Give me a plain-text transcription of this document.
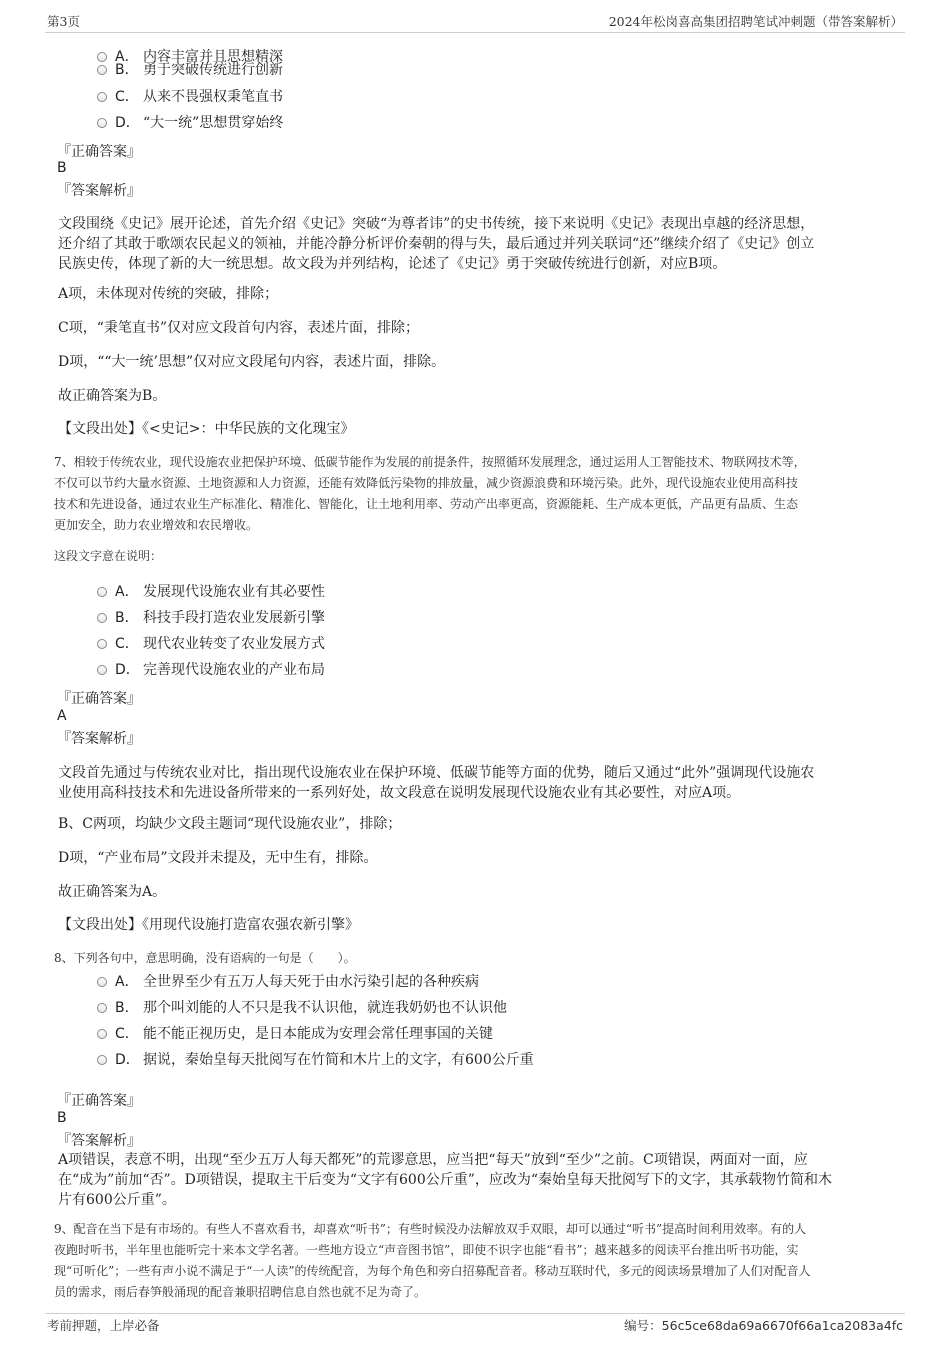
第3页	2024年松岗喜高集团招聘笔试冲刺题（带答案解析）
A． 内容丰富并且思想精深
B． 勇于突破传统进行创新
C． 从来不畏强权秉笔直书
D． “大一统”思想贯穿始终
『正确答案』
B
『答案解析』
文段围绕《史记》展开论述，首先介绍《史记》突破“为尊者讳”的史书传统，接下来说明《史记》表现出卓越的经济思想，
还介绍了其敢于歌颂农民起义的领袖，并能冷静分析评价秦朝的得与失，最后通过并列关联词“还”继续介绍了《史记》创立
民族史传，体现了新的大一统思想。故文段为并列结构，论述了《史记》勇于突破传统进行创新，对应B项。
A项，未体现对传统的突破，排除；
C项，“秉笔直书”仅对应文段首句内容，表述片面，排除；
D项，““大一统’思想”仅对应文段尾句内容，表述片面，排除。
故正确答案为B。
【文段出处】《<史记>：中华民族的文化瑰宝》
7、相较于传统农业，现代设施农业把保护环境、低碳节能作为发展的前提条件，按照循环发展理念，通过运用人工智能技术、物联网技术等，
不仅可以节约大量水资源、土地资源和人力资源，还能有效降低污染物的排放量，减少资源浪费和环境污染。此外，现代设施农业使用高科技
技术和先进设备，通过农业生产标准化、精准化、智能化，让土地利用率、劳动产出率更高，资源能耗、生产成本更低，产品更有品质、生态
更加安全，助力农业增效和农民增收。
这段文字意在说明：
A． 发展现代设施农业有其必要性
B． 科技手段打造农业发展新引擎
C． 现代农业转变了农业发展方式
D． 完善现代设施农业的产业布局
『正确答案』
A
『答案解析』
文段首先通过与传统农业对比，指出现代设施农业在保护环境、低碳节能等方面的优势，随后又通过“此外”强调现代设施农
业使用高科技技术和先进设备所带来的一系列好处，故文段意在说明发展现代设施农业有其必要性，对应A项。
B、C两项，均缺少文段主题词“现代设施农业”，排除；
D项，“产业布局”文段并未提及，无中生有，排除。
故正确答案为A。
【文段出处】《用现代设施打造富农强农新引擎》
8、下列各句中，意思明确，没有语病的一句是（　　）。
A． 全世界至少有五万人每天死于由水污染引起的各种疾病
B． 那个叫刘能的人不只是我不认识他，就连我奶奶也不认识他
C． 能不能正视历史，是日本能成为安理会常任理事国的关键
D． 据说，秦始皇每天批阅写在竹简和木片上的文字，有600公斤重
『正确答案』
B
『答案解析』
A项错误，表意不明，出现“至少五万人每天都死”的荒谬意思，应当把“每天”放到“至少”之前。C项错误，两面对一面，应
在“成为”前加“否”。D项错误，提取主干后变为“文字有600公斤重”，应改为“秦始皇每天批阅写下的文字，其承载物竹简和木
片有600公斤重”。
9、配音在当下是有市场的。有些人不喜欢看书，却喜欢“听书”；有些时候没办法解放双手双眼，却可以通过“听书”提高时间利用效率。有的人
夜跑时听书，半年里也能听完十来本文学名著。一些地方设立“声音图书馆”，即使不识字也能“看书”；越来越多的阅读平台推出听书功能，实
现“可听化”；一些有声小说不满足于“一人读”的传统配音，为每个角色和旁白招募配音者。移动互联时代，多元的阅读场景增加了人们对配音人
员的需求，雨后春笋般涌现的配音兼职招聘信息自然也就不足为奇了。
考前押题，上岸必备	编号：56c5ce68da69a6670f66a1ca2083a4fc
